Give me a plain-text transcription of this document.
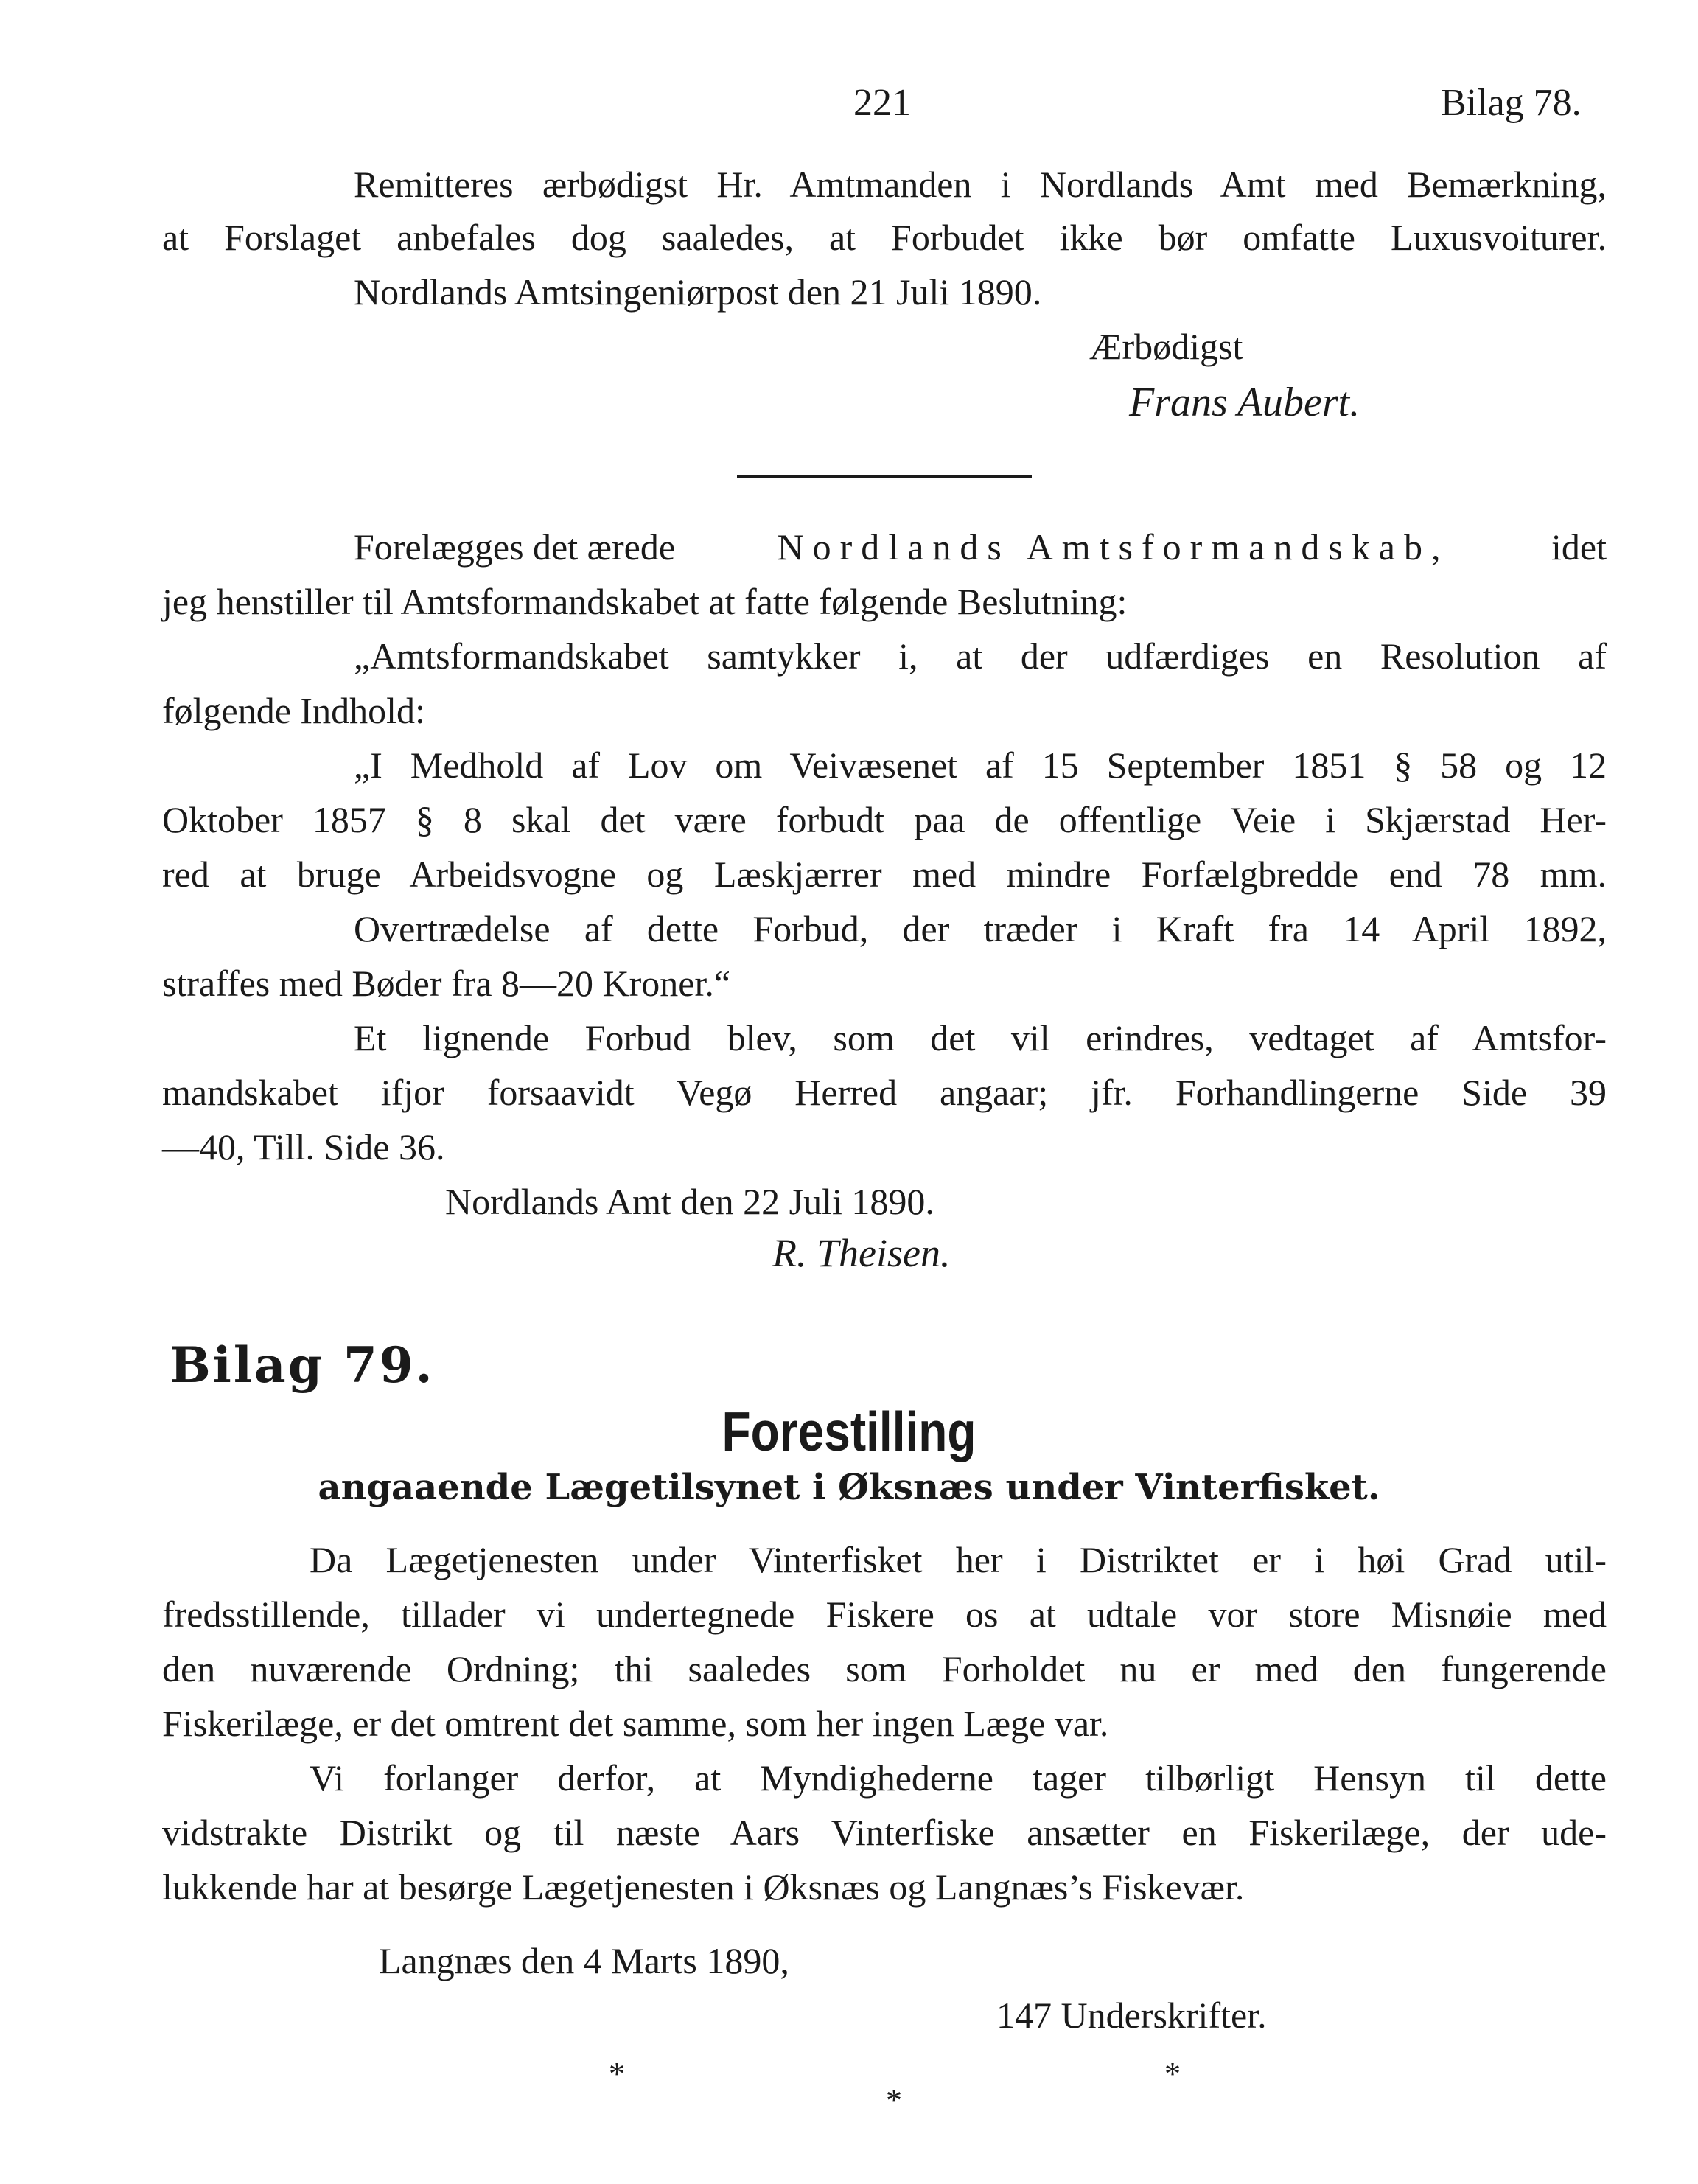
221	Bilag 78.
Remitteres ærbødigst Hr. Amtmanden i Nordlands Amt med Bemærkning,
at Forslaget anbefales dog saaledes, at Forbudet ikke bør omfatte Luxusvoiturer.
Nordlands Amtsingeniørpost den 21 Juli 1890.
Ærbødigst
Frans Aubert.
Forelægges det ærede	Nordlands Amtsformandskab,	idet
jeg henstiller til Amtsformandskabet at fatte følgende Beslutning:
„Amtsformandskabet samtykker i, at der udfærdiges en Resolution af
følgende Indhold:
„I Medhold af Lov om Veivæsenet af 15 September 1851 § 58 og 12
Oktober 1857 § 8 skal det være forbudt paa de offentlige Veie i Skjærstad Her-
red at bruge Arbeidsvogne og Læskjærrer med mindre Forfælgbredde end 78 mm.
Overtrædelse af dette Forbud, der træder i Kraft fra 14 April 1892,
straffes med Bøder fra 8—20 Kroner.“
Et lignende Forbud blev, som det vil erindres, vedtaget af Amtsfor-
mandskabet ifjor forsaavidt Vegø Herred angaar; jfr. Forhandlingerne Side 39
—40, Till. Side 36.
Nordlands Amt den 22 Juli 1890.
R. Theisen.
Bilag 79.
Forestilling
angaaende Lægetilsynet i Øksnæs under Vinterfisket.
Da Lægetjenesten under Vinterfisket her i Distriktet er i høi Grad util-
fredsstillende, tillader vi undertegnede Fiskere os at udtale vor store Misnøie med
den nuværende Ordning; thi saaledes som Forholdet nu er med den fungerende
Fiskerilæge, er det omtrent det samme, som her ingen Læge var.
Vi forlanger derfor, at Myndighederne tager tilbørligt Hensyn til dette
vidstrakte Distrikt og til næste Aars Vinterfiske ansætter en Fiskerilæge, der ude-
lukkende har at besørge Lægetjenesten i Øksnæs og Langnæs’s Fiskevær.
Langnæs den 4 Marts 1890,
147 Underskrifter.
*	*
*
